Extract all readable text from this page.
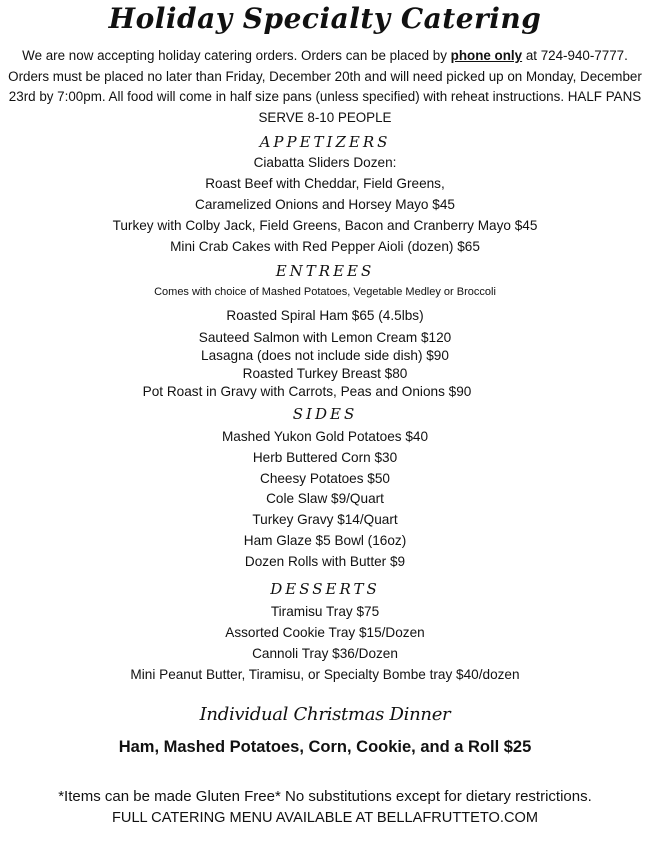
Holiday Specialty Catering
We are now accepting holiday catering orders. Orders can be placed by phone only at 724-940-7777. Orders must be placed no later than Friday, December 20th and will need picked up on Monday, December 23rd by 7:00pm. All food will come in half size pans (unless specified) with reheat instructions. HALF PANS SERVE 8-10 PEOPLE
APPETIZERS
Ciabatta Sliders Dozen:
Roast Beef with Cheddar, Field Greens,
Caramelized Onions and Horsey Mayo $45
Turkey with Colby Jack, Field Greens, Bacon and Cranberry Mayo $45
Mini Crab Cakes with Red Pepper Aioli (dozen) $65
ENTREES
Comes with choice of Mashed Potatoes, Vegetable Medley or Broccoli
Roasted Spiral Ham $65 (4.5lbs)
Sauteed Salmon with Lemon Cream $120
Lasagna (does not include side dish) $90
Roasted Turkey Breast $80
Pot Roast in Gravy with Carrots, Peas and Onions $90
SIDES
Mashed Yukon Gold Potatoes $40
Herb Buttered Corn $30
Cheesy Potatoes $50
Cole Slaw $9/Quart
Turkey Gravy $14/Quart
Ham Glaze $5 Bowl (16oz)
Dozen Rolls with Butter $9
DESSERTS
Tiramisu Tray $75
Assorted Cookie Tray $15/Dozen
Cannoli Tray $36/Dozen
Mini Peanut Butter, Tiramisu, or Specialty Bombe tray $40/dozen
Individual Christmas Dinner
Ham, Mashed Potatoes, Corn, Cookie, and a Roll $25
*Items can be made Gluten Free* No substitutions except for dietary restrictions.
FULL CATERING MENU AVAILABLE AT BELLAFRUTTETO.COM
